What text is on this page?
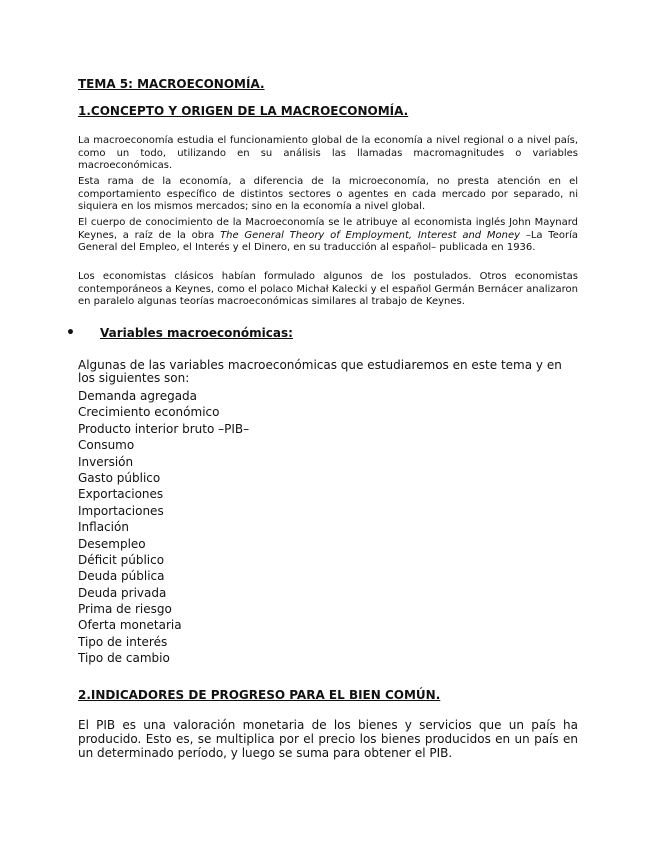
TEMA 5: MACROECONOMÍA.
1.CONCEPTO Y ORIGEN DE LA MACROECONOMÍA.

La macroeconomía estudia el funcionamiento global de la economía a nivel regional o a nivel país, como un todo, utilizando en su análisis las llamadas macromagnitudes o variables macroeconómicas.

Esta rama de la economía, a diferencia de la microeconomía, no presta atención en el comportamiento específico de distintos sectores o agentes en cada mercado por separado, ni siquiera en los mismos mercados; sino en la economía a nivel global.

El cuerpo de conocimiento de la Macroeconomía se le atribuye al economista inglés John Maynard Keynes, a raíz de la obra The General Theory of Employment, Interest and Money –La Teoría General del Empleo, el Interés y el Dinero, en su traducción al español– publicada en 1936.

Los economistas clásicos habían formulado algunos de los postulados. Otros economistas contemporáneos a Keynes, como el polaco Michał Kalecki y el español Germán Bernácer analizaron en paralelo algunas teorías macroeconómicas similares al trabajo de Keynes.

• Variables macroeconómicas:
Algunas de las variables macroeconómicas que estudiaremos en este tema y en los siguientes son:
Demanda agregada
Crecimiento económico
Producto interior bruto –PIB–
Consumo
Inversión
Gasto público
Exportaciones
Importaciones
Inflación
Desempleo
Déficit público
Deuda pública
Deuda privada
Prima de riesgo
Oferta monetaria
Tipo de interés
Tipo de cambio
2.INDICADORES DE PROGRESO PARA EL BIEN COMÚN.

El PIB es una valoración monetaria de los bienes y servicios que un país ha producido. Esto es, se multiplica por el precio los bienes producidos en un país en un determinado período, y luego se suma para obtener el PIB.
